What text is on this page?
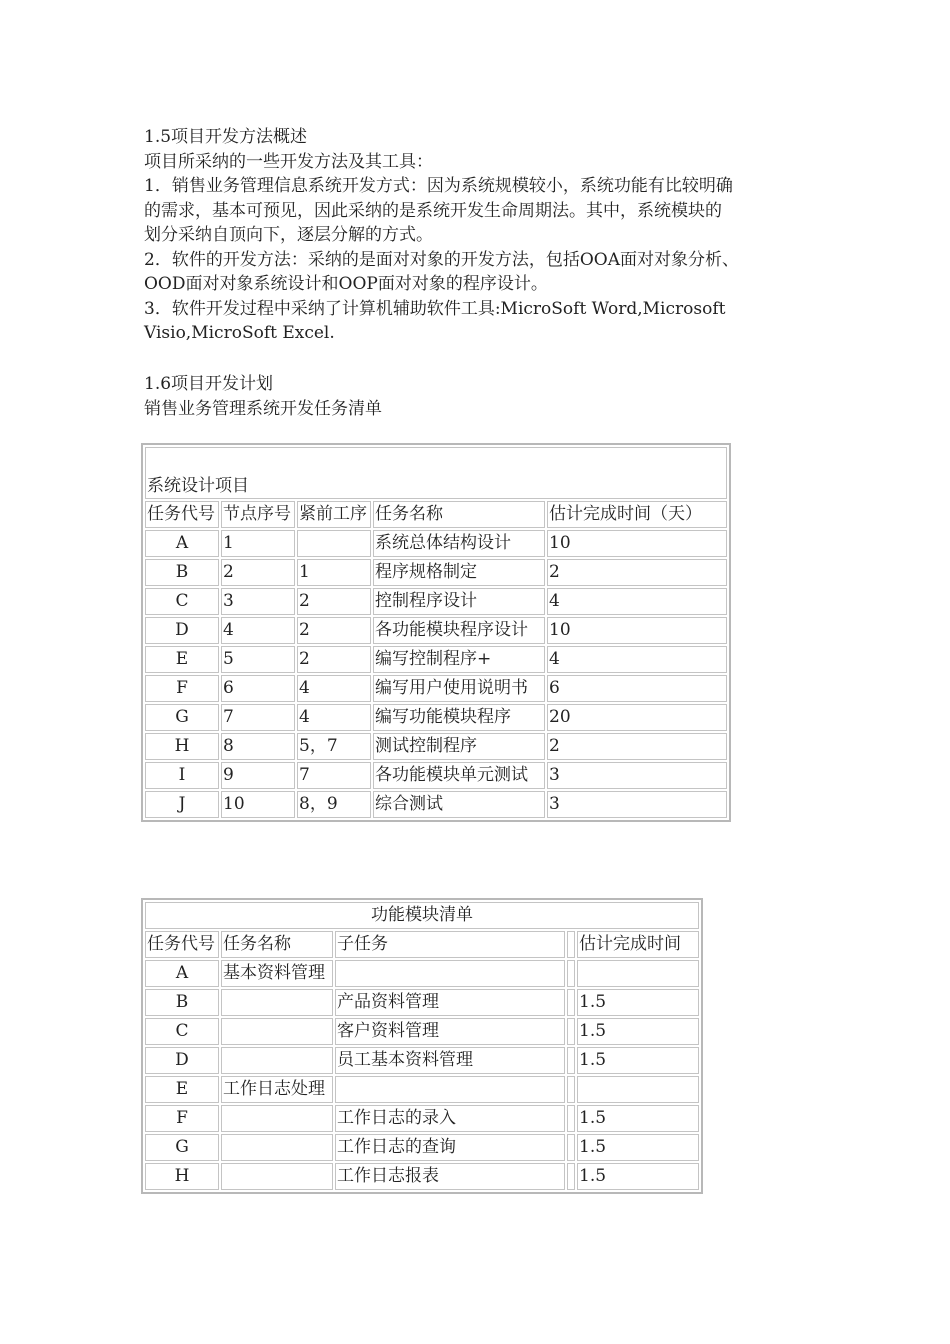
1.5项目开发方法概述
项目所采纳的一些开发方法及其工具：
1．销售业务管理信息系统开发方式：因为系统规模较小，系统功能有比较明确
的需求，基本可预见，因此采纳的是系统开发生命周期法。其中，系统模块的
划分采纳自顶向下，逐层分解的方式。
2．软件的开发方法：采纳的是面对对象的开发方法，包括OOA面对对象分析、
OOD面对对象系统设计和OOP面对对象的程序设计。
3．软件开发过程中采纳了计算机辅助软件工具:MicroSoft Word,Microsoft
Visio,MicroSoft Excel.
1.6项目开发计划
销售业务管理系统开发任务清单
系统设计项目				
任务代号	节点序号	紧前工序	任务名称	估计完成时间（天）
A	1		系统总体结构设计	10
B	2	1	程序规格制定	2
C	3	2	控制程序设计	4
D	4	2	各功能模块程序设计	10
E	5	2	编写控制程序+	4
F	6	4	编写用户使用说明书	6
G	7	4	编写功能模块程序	20
H	8	5，7	测试控制程序	2
I	9	7	各功能模块单元测试	3
J	10	8，9	综合测试	3
功能模块清单				
任务代号	任务名称	子任务		估计完成时间
A	基本资料管理			
B		产品资料管理		1.5
C		客户资料管理		1.5
D		员工基本资料管理		1.5
E	工作日志处理			
F		工作日志的录入		1.5
G		工作日志的查询		1.5
H		工作日志报表		1.5
